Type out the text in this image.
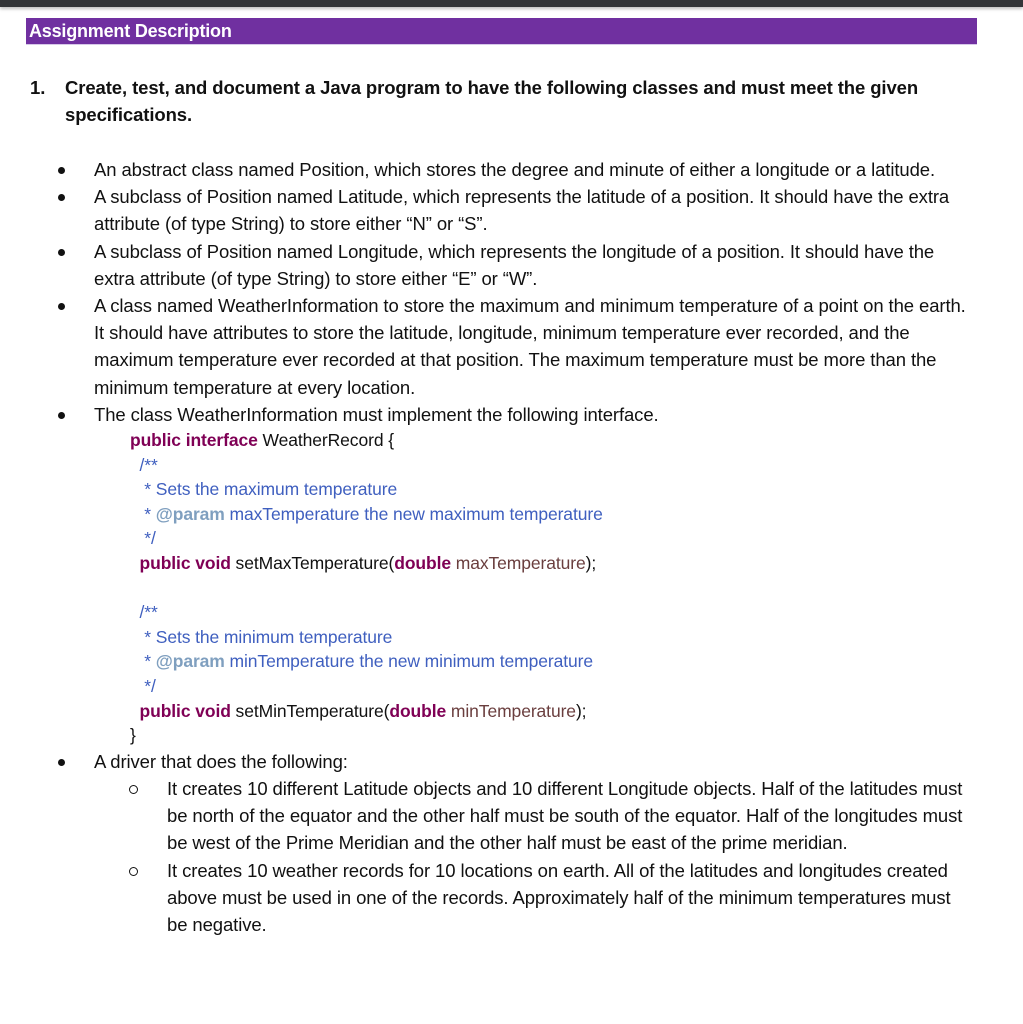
Assignment Description
1. Create, test, and document a Java program to have the following classes and must meet the given specifications.
An abstract class named Position, which stores the degree and minute of either a longitude or a latitude.
A subclass of Position named Latitude, which represents the latitude of a position. It should have the extra attribute (of type String) to store either “N” or “S”.
A subclass of Position named Longitude, which represents the longitude of a position. It should have the extra attribute (of type String) to store either “E” or “W”.
A class named WeatherInformation to store the maximum and minimum temperature of a point on the earth. It should have attributes to store the latitude, longitude, minimum temperature ever recorded, and the maximum temperature ever recorded at that position. The maximum temperature must be more than the minimum temperature at every location.
The class WeatherInformation must implement the following interface.
public interface WeatherRecord {
/**
* Sets the maximum temperature
* @param maxTemperature the new maximum temperature
*/
public void setMaxTemperature(double maxTemperature);
/**
* Sets the minimum temperature
* @param minTemperature the new minimum temperature
*/
public void setMinTemperature(double minTemperature);
}
A driver that does the following:
It creates 10 different Latitude objects and 10 different Longitude objects. Half of the latitudes must be north of the equator and the other half must be south of the equator. Half of the longitudes must be west of the Prime Meridian and the other half must be east of the prime meridian.
It creates 10 weather records for 10 locations on earth. All of the latitudes and longitudes created above must be used in one of the records. Approximately half of the minimum temperatures must be negative.
